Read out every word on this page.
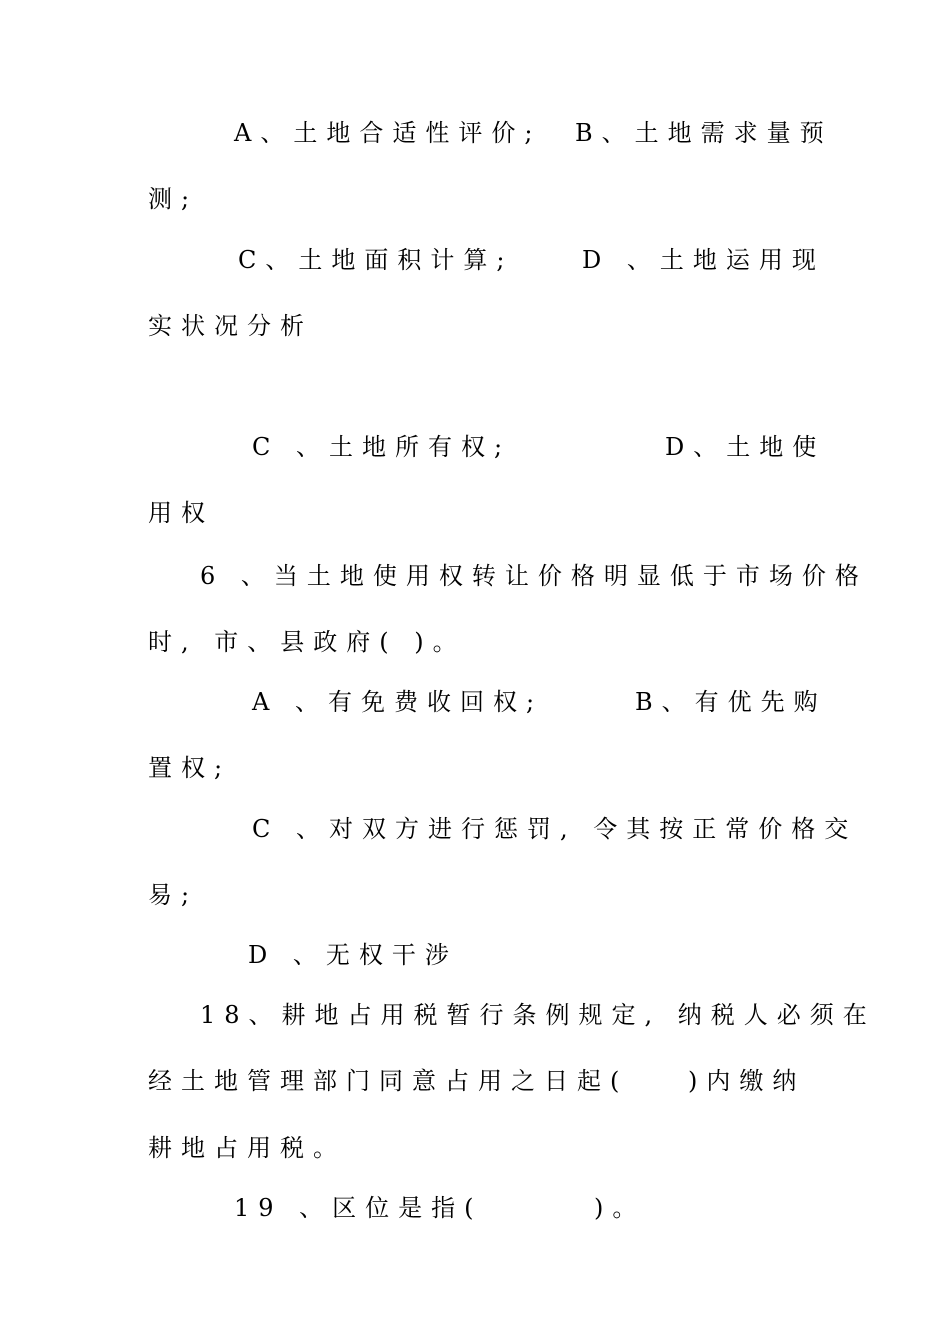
A、土地合适性评价; B、土地需求量预
测;
C、土地面积计算;	D 、土地运用现
实状况分析
C 、土地所有权;	D、土地使
用权
6 、当土地使用权转让价格明显低于市场价格
时, 市、县政府( )。
A 、有免费收回权;	B、有优先购
置权;
C 、对双方进行惩罚, 令其按正常价格交
易;
D 、无权干涉
18、耕地占用税暂行条例规定, 纳税人必须在
经土地管理部门同意占用之日起( )内缴纳
耕地占用税。
19 、区位是指(	)。
